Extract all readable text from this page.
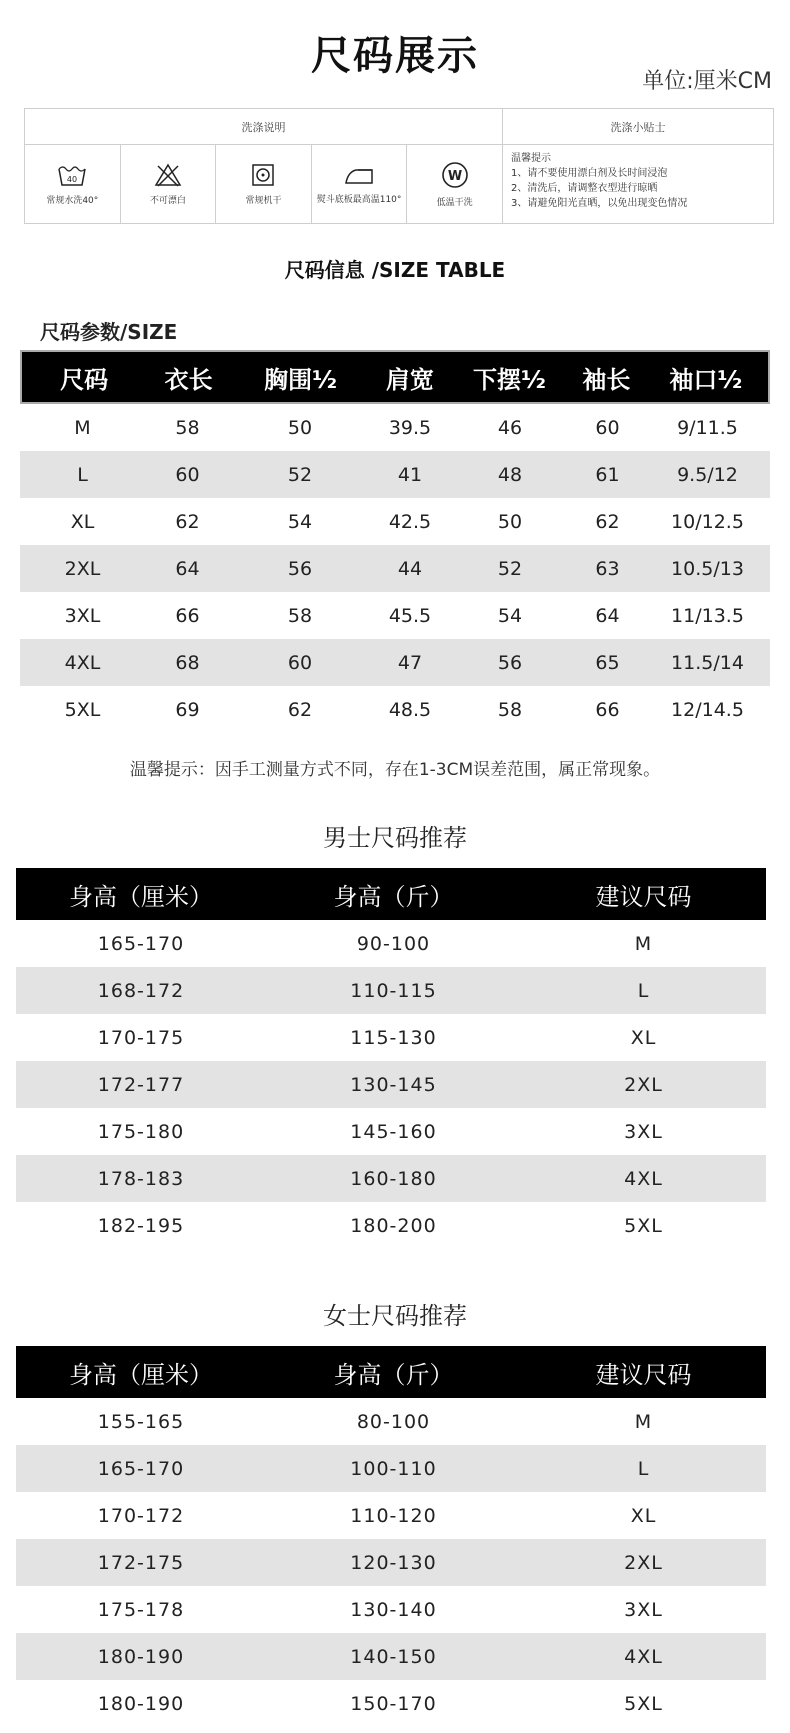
尺码展示
单位:厘米CM
洗涤说明
40
常规水洗40°	不可漂白	常规机干	熨斗底板最高温110°
W
低温干洗
洗涤小贴士
温馨提示
1、请不要使用漂白剂及长时间浸泡
2、清洗后，请调整衣型进行晾晒
3、请避免阳光直晒，以免出现变色情况
尺码信息 /SIZE TABLE
尺码参数/SIZE
尺码	衣长	胸围½	肩宽	下摆½	袖长	袖口½
M	58	50	39.5	46	60	9/11.5
L	60	52	41	48	61	9.5/12
XL	62	54	42.5	50	62	10/12.5
2XL	64	56	44	52	63	10.5/13
3XL	66	58	45.5	54	64	11/13.5
4XL	68	60	47	56	65	11.5/14
5XL	69	62	48.5	58	66	12/14.5
温馨提示：因手工测量方式不同，存在1-3CM误差范围，属正常现象。
男士尺码推荐
身高（厘米）	身高（斤）	建议尺码
165-170	90-100	M
168-172	110-115	L
170-175	115-130	XL
172-177	130-145	2XL
175-180	145-160	3XL
178-183	160-180	4XL
182-195	180-200	5XL
女士尺码推荐
身高（厘米）	身高（斤）	建议尺码
155-165	80-100	M
165-170	100-110	L
170-172	110-120	XL
172-175	120-130	2XL
175-178	130-140	3XL
180-190	140-150	4XL
180-190	150-170	5XL
